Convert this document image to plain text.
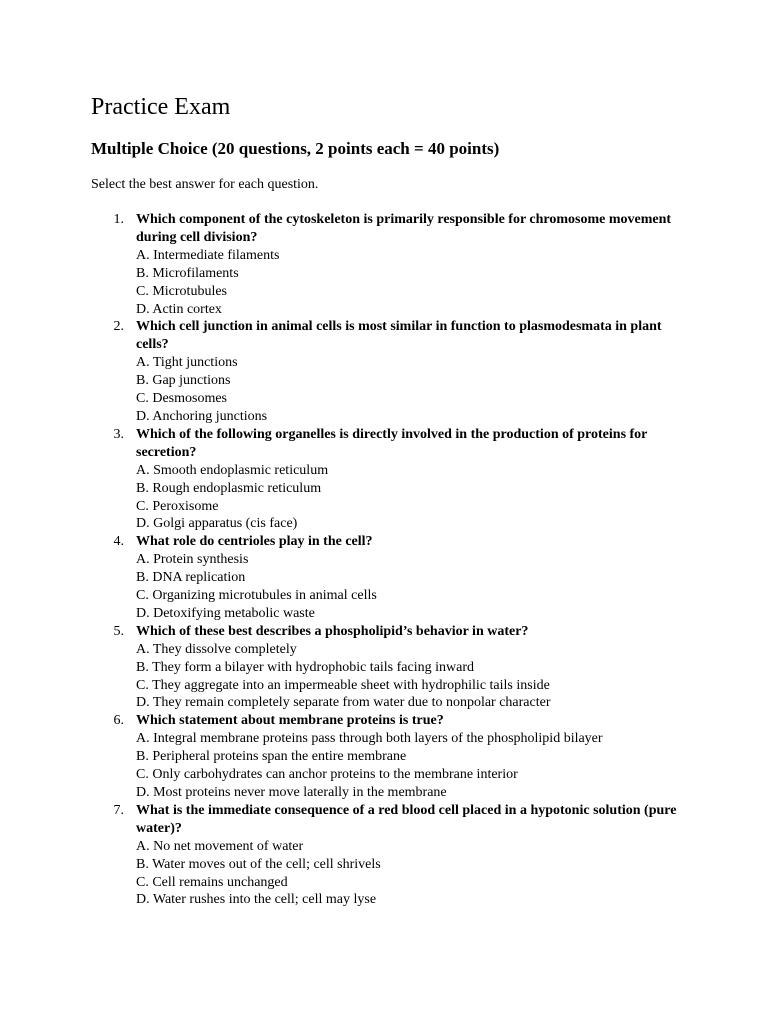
Practice Exam
Multiple Choice (20 questions, 2 points each = 40 points)

Select the best answer for each question.

1. Which component of the cytoskeleton is primarily responsible for chromosome movement during cell division?
A. Intermediate filaments
B. Microfilaments
C. Microtubules
D. Actin cortex
2. Which cell junction in animal cells is most similar in function to plasmodesmata in plant cells?
A. Tight junctions
B. Gap junctions
C. Desmosomes
D. Anchoring junctions
3. Which of the following organelles is directly involved in the production of proteins for secretion?
A. Smooth endoplasmic reticulum
B. Rough endoplasmic reticulum
C. Peroxisome
D. Golgi apparatus (cis face)
4. What role do centrioles play in the cell?
A. Protein synthesis
B. DNA replication
C. Organizing microtubules in animal cells
D. Detoxifying metabolic waste
5. Which of these best describes a phospholipid’s behavior in water?
A. They dissolve completely
B. They form a bilayer with hydrophobic tails facing inward
C. They aggregate into an impermeable sheet with hydrophilic tails inside
D. They remain completely separate from water due to nonpolar character
6. Which statement about membrane proteins is true?
A. Integral membrane proteins pass through both layers of the phospholipid bilayer
B. Peripheral proteins span the entire membrane
C. Only carbohydrates can anchor proteins to the membrane interior
D. Most proteins never move laterally in the membrane
7. What is the immediate consequence of a red blood cell placed in a hypotonic solution (pure water)?
A. No net movement of water
B. Water moves out of the cell; cell shrivels
C. Cell remains unchanged
D. Water rushes into the cell; cell may lyse
